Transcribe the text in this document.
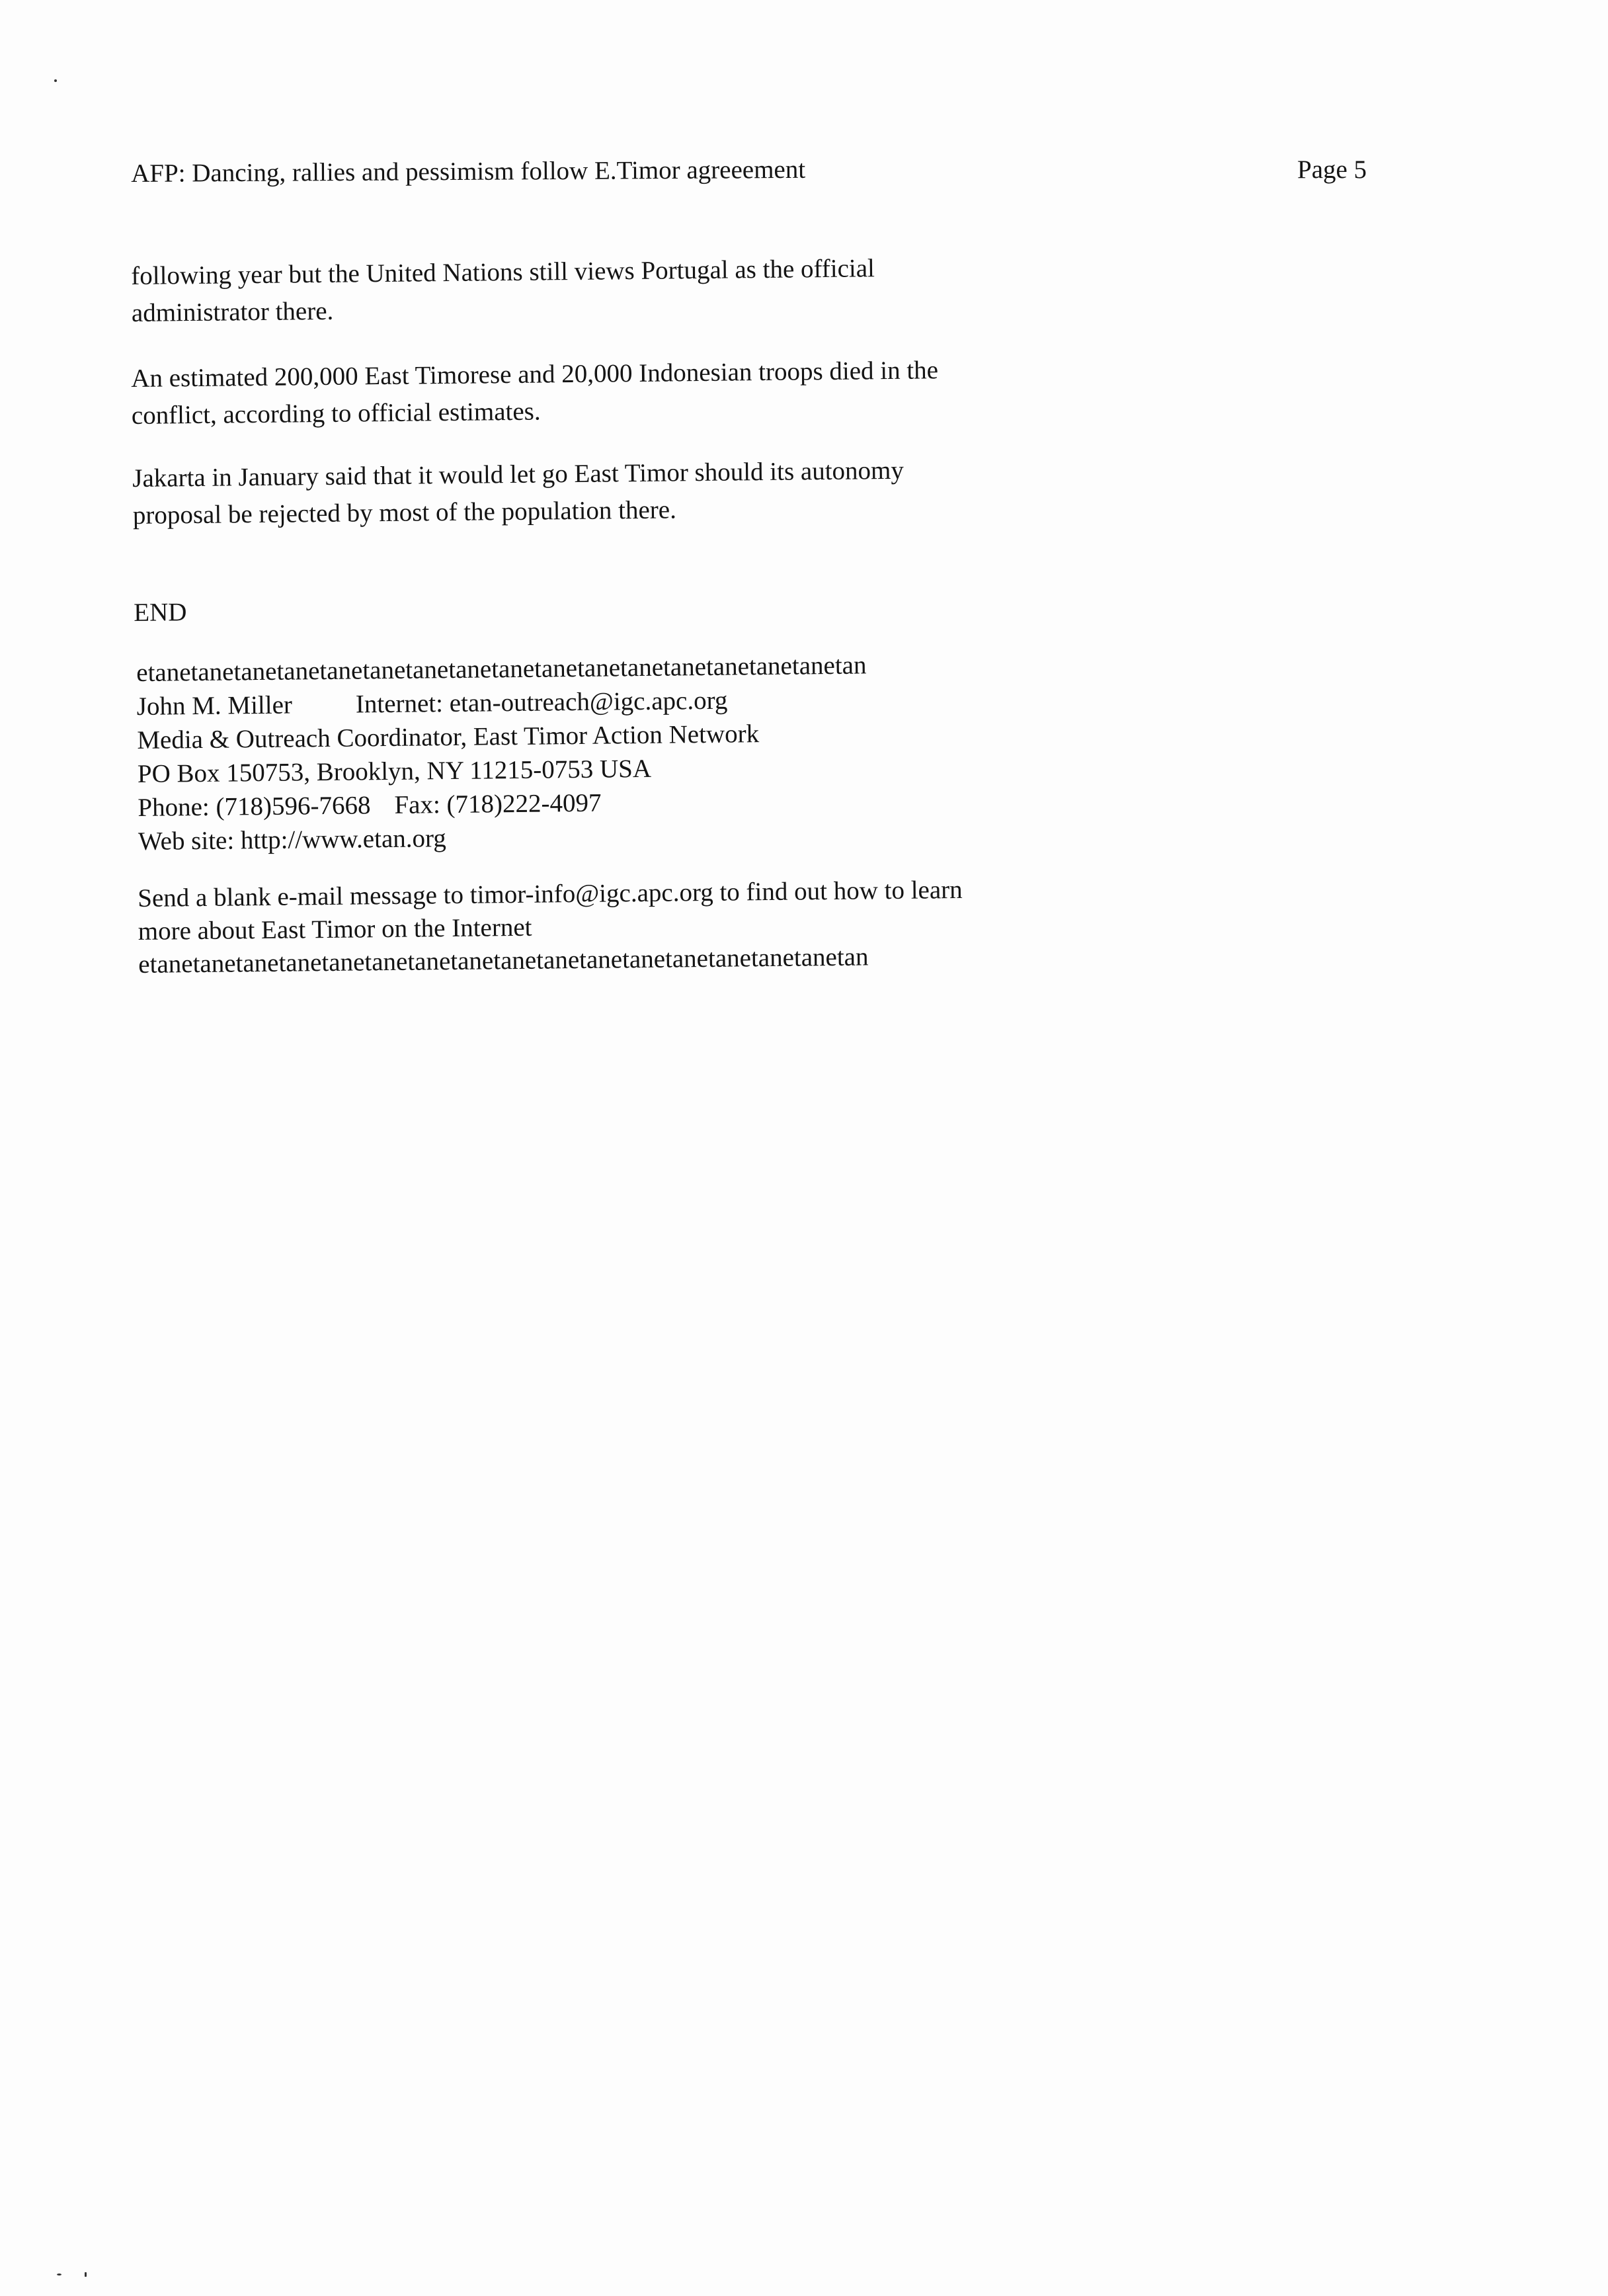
AFP: Dancing, rallies and pessimism follow E.Timor agreeement	Page 5
following year but the United Nations still views Portugal as the official
administrator there.
An estimated 200,000 East Timorese and 20,000 Indonesian troops died in the
conflict, according to official estimates.
Jakarta in January said that it would let go East Timor should its autonomy
proposal be rejected by most of the population there.
END
etanetanetanetanetanetanetanetanetanetanetanetanetanetanetanetanetan
John M. Miller Internet: etan-outreach@igc.apc.org
Media & Outreach Coordinator, East Timor Action Network
PO Box 150753, Brooklyn, NY 11215-0753 USA
Phone: (718)596-7668 Fax: (718)222-4097
Web site: http://www.etan.org
Send a blank e-mail message to timor-info@igc.apc.org to find out how to learn
more about East Timor on the Internet
etanetanetanetanetanetanetanetanetanetanetanetanetanetanetanetanetan
